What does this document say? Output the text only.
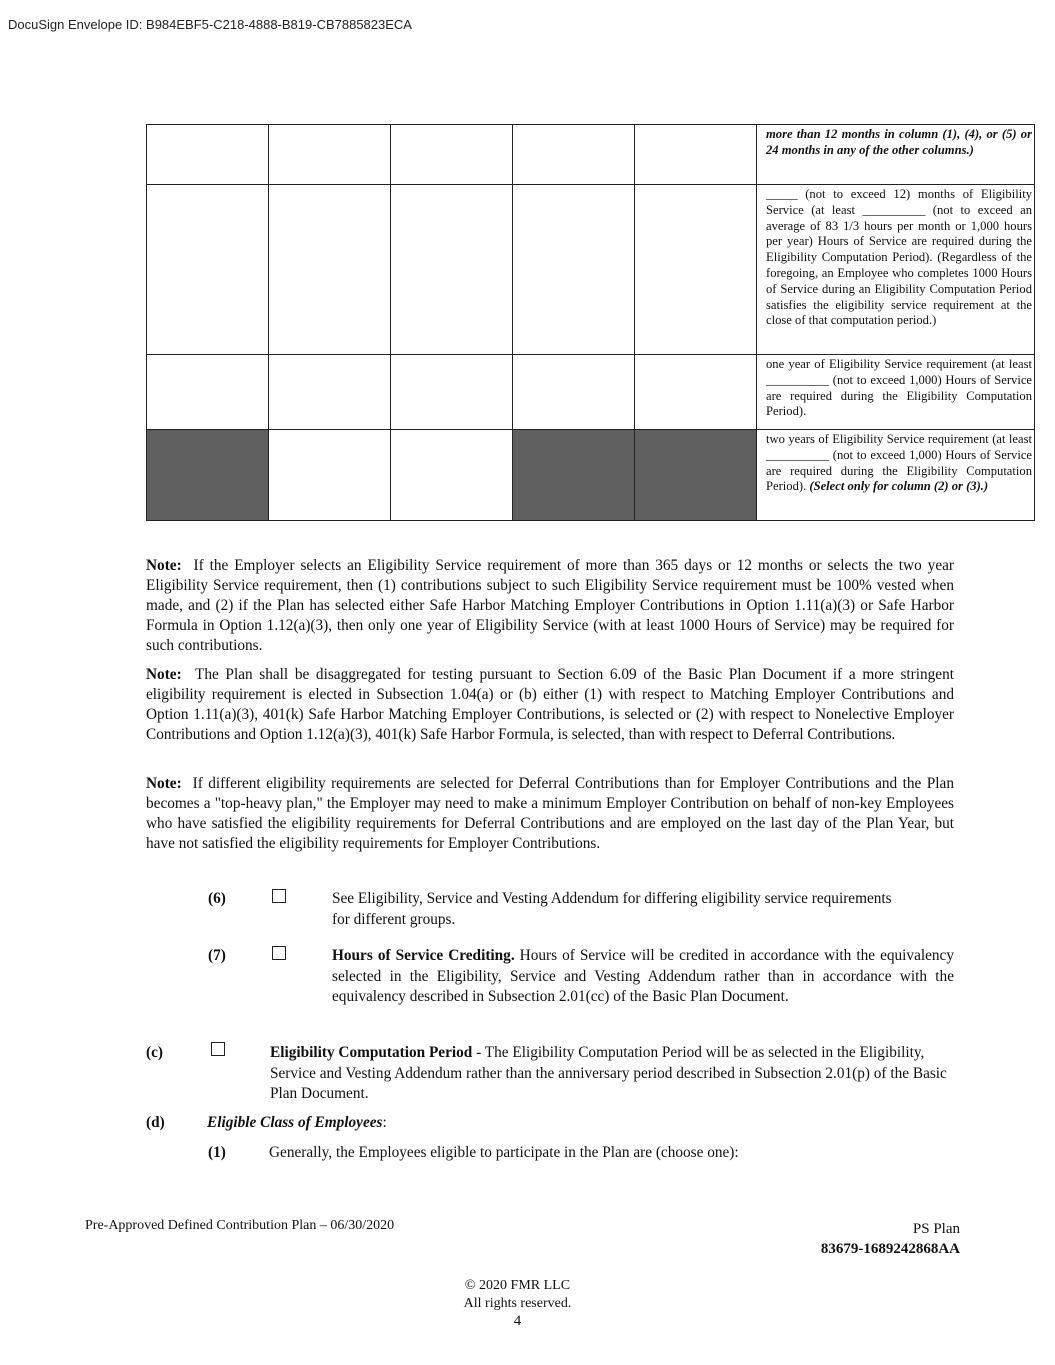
DocuSign Envelope ID: B984EBF5-C218-4888-B819-CB7885823ECA
					more than 12 months in column (1), (4), or (5) or 24 months in any of the other columns.)
					_____ (not to exceed 12) months of Eligibility Service (at least __________ (not to exceed an average of 83 1/3 hours per month or 1,000 hours per year) Hours of Service are required during the Eligibility Computation Period). (Regardless of the foregoing, an Employee who completes 1000 Hours of Service during an Eligibility Computation Period satisfies the eligibility service requirement at the close of that computation period.)
					one year of Eligibility Service requirement (at least __________ (not to exceed 1,000) Hours of Service are required during the Eligibility Computation Period).
					two years of Eligibility Service requirement (at least __________ (not to exceed 1,000) Hours of Service are required during the Eligibility Computation Period). (Select only for column (2) or (3).)

Note: If the Employer selects an Eligibility Service requirement of more than 365 days or 12 months or selects the two year Eligibility Service requirement, then (1) contributions subject to such Eligibility Service requirement must be 100% vested when made, and (2) if the Plan has selected either Safe Harbor Matching Employer Contributions in Option 1.11(a)(3) or Safe Harbor Formula in Option 1.12(a)(3), then only one year of Eligibility Service (with at least 1000 Hours of Service) may be required for such contributions.

Note: The Plan shall be disaggregated for testing pursuant to Section 6.09 of the Basic Plan Document if a more stringent eligibility requirement is elected in Subsection 1.04(a) or (b) either (1) with respect to Matching Employer Contributions and Option 1.11(a)(3), 401(k) Safe Harbor Matching Employer Contributions, is selected or (2) with respect to Nonelective Employer Contributions and Option 1.12(a)(3), 401(k) Safe Harbor Formula, is selected, than with respect to Deferral Contributions.

Note: If different eligibility requirements are selected for Deferral Contributions than for Employer Contributions and the Plan becomes a "top-heavy plan," the Employer may need to make a minimum Employer Contribution on behalf of non-key Employees who have satisfied the eligibility requirements for Deferral Contributions and are employed on the last day of the Plan Year, but have not satisfied the eligibility requirements for Employer Contributions.

(6)	See Eligibility, Service and Vesting Addendum for differing eligibility service requirements for different groups.

(7)	Hours of Service Crediting. Hours of Service will be credited in accordance with the equivalency selected in the Eligibility, Service and Vesting Addendum rather than in accordance with the equivalency described in Subsection 2.01(cc) of the Basic Plan Document.

(c)	Eligibility Computation Period - The Eligibility Computation Period will be as selected in the Eligibility, Service and Vesting Addendum rather than the anniversary period described in Subsection 2.01(p) of the Basic Plan Document.

(d)	Eligible Class of Employees:

(1)	Generally, the Employees eligible to participate in the Plan are (choose one):

Pre-Approved Defined Contribution Plan – 06/30/2020	PS Plan
83679-1689242868AA
© 2020 FMR LLC
All rights reserved.
4
